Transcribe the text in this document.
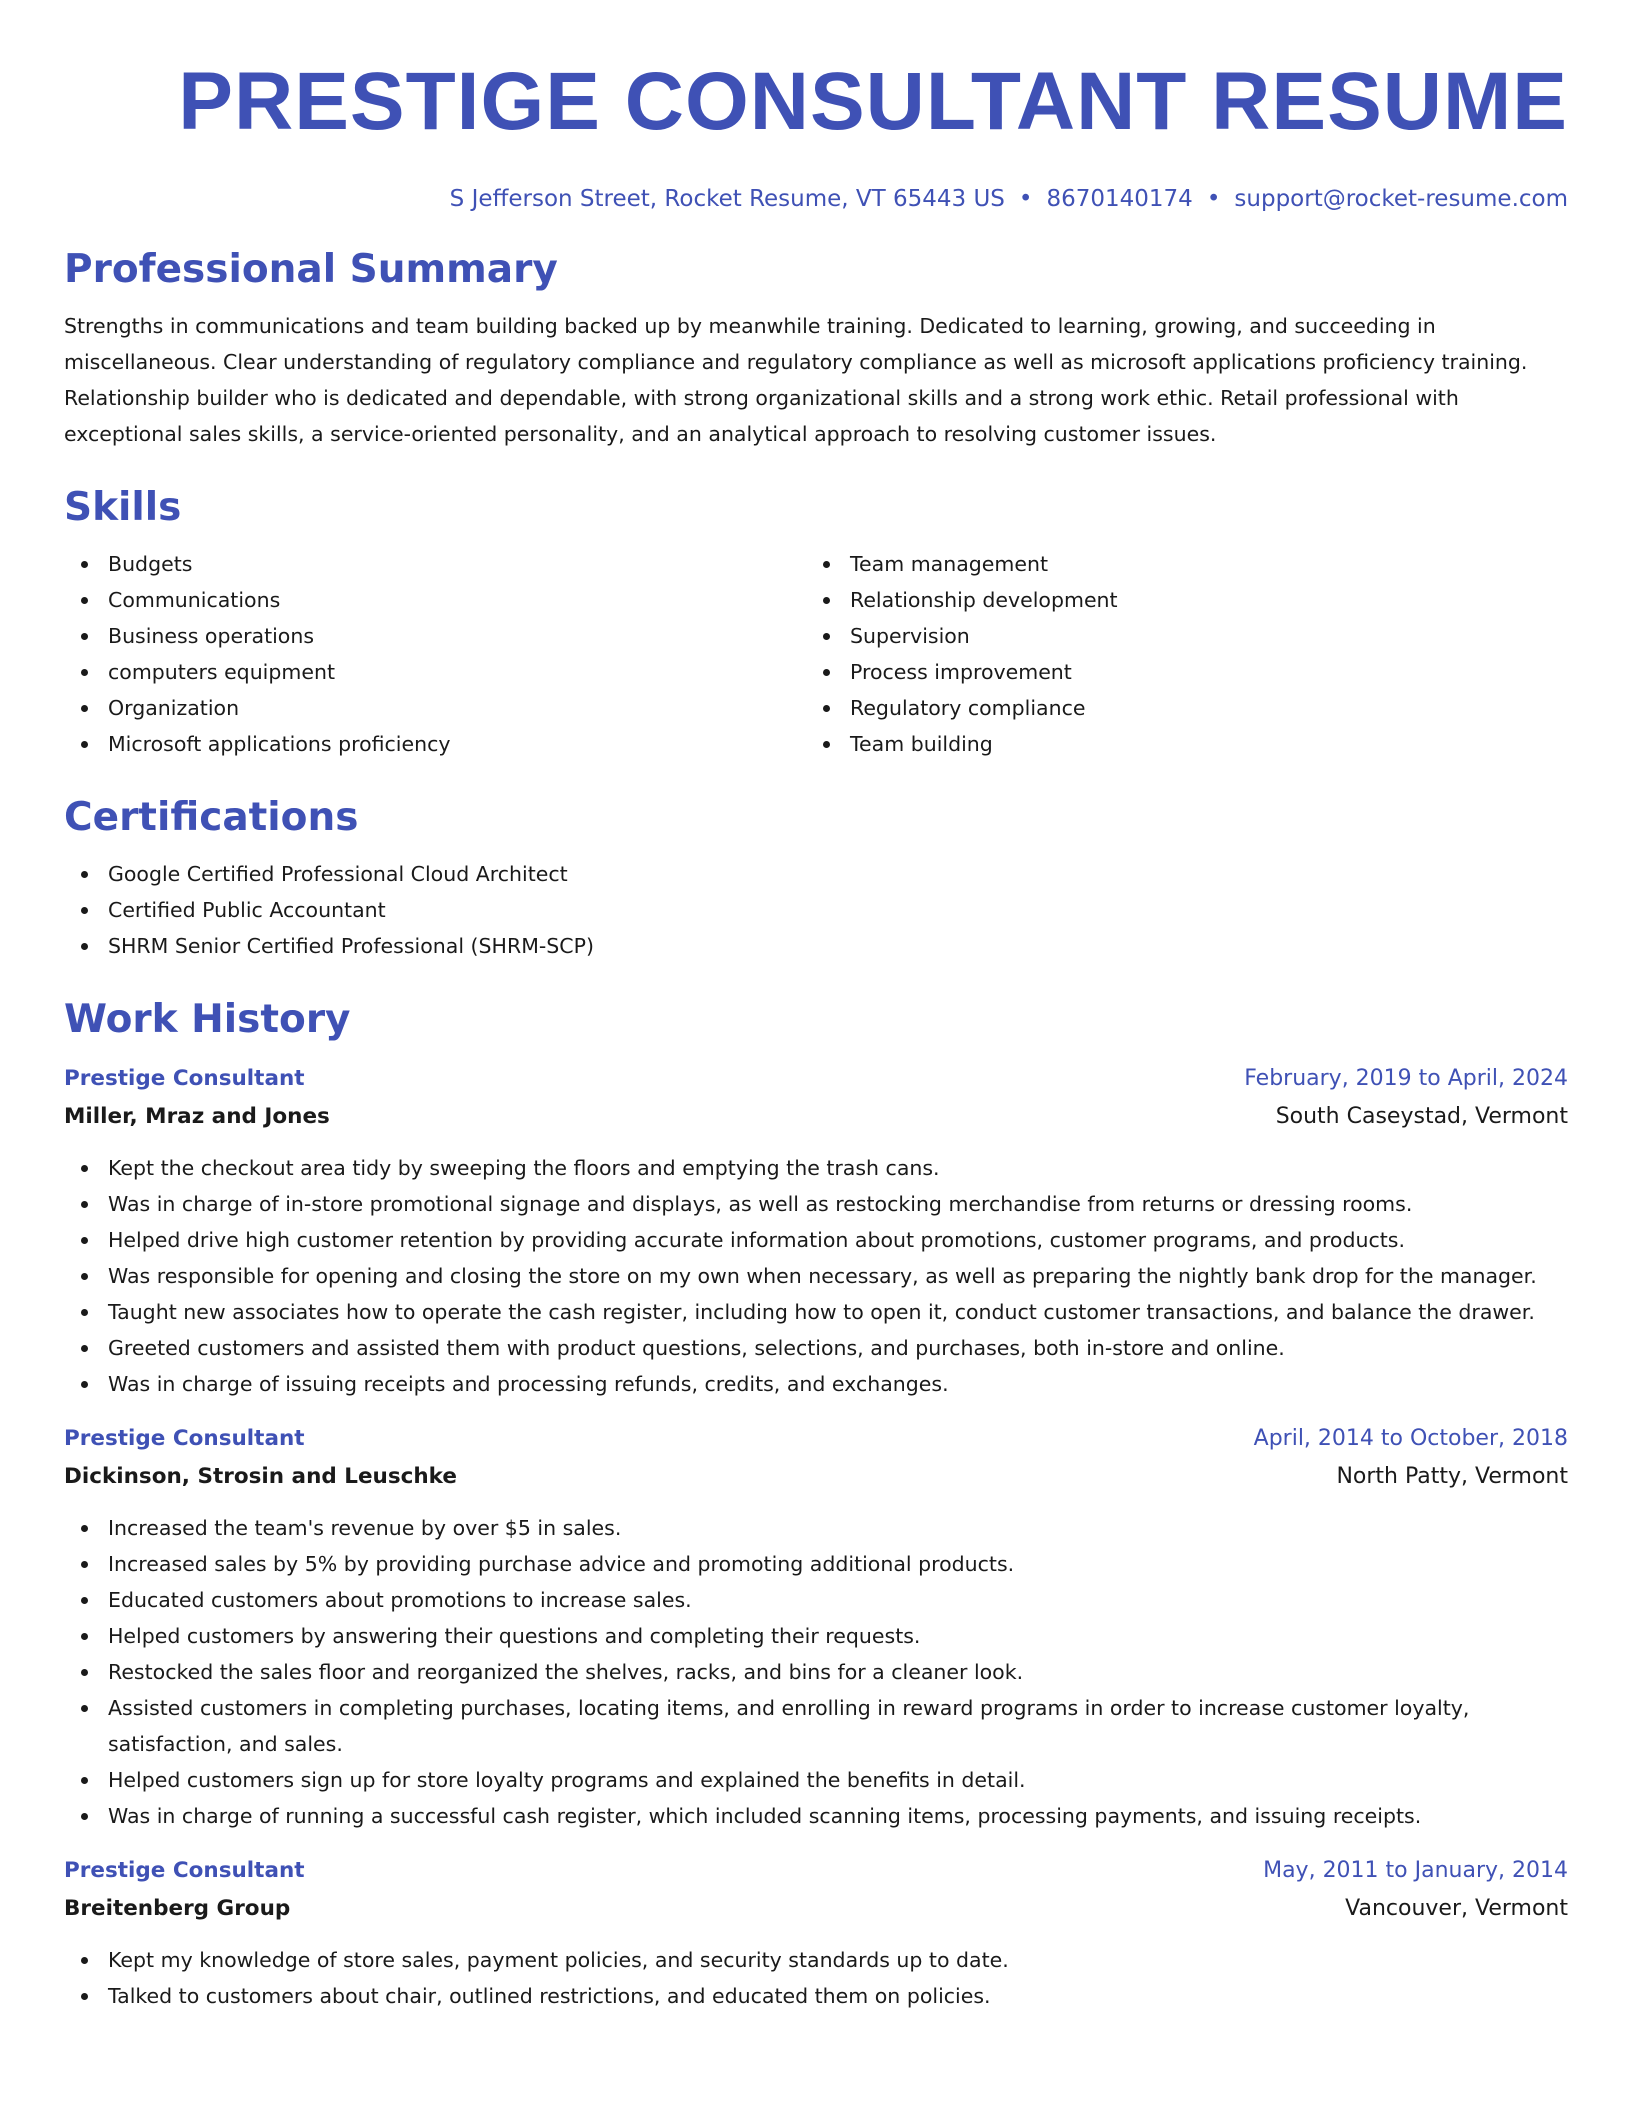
PRESTIGE CONSULTANT RESUME
S Jefferson Street, Rocket Resume, VT 65443 US • 8670140174 • support@rocket-resume.com
Professional Summary

Strengths in communications and team building backed up by meanwhile training. Dedicated to learning, growing, and succeeding in miscellaneous. Clear understanding of regulatory compliance and regulatory compliance as well as microsoft applications proficiency training. Relationship builder who is dedicated and dependable, with strong organizational skills and a strong work ethic. Retail professional with exceptional sales skills, a service-oriented personality, and an analytical approach to resolving customer issues.

Skills
Budgets
Communications
Business operations
computers equipment
Organization
Microsoft applications proficiency
Team management
Relationship development
Supervision
Process improvement
Regulatory compliance
Team building
Certifications
Google Certified Professional Cloud Architect
Certified Public Accountant
SHRM Senior Certified Professional (SHRM-SCP)
Work History
Prestige Consultant	February, 2019 to April, 2024
Miller, Mraz and Jones	South Caseystad, Vermont
Kept the checkout area tidy by sweeping the floors and emptying the trash cans.
Was in charge of in-store promotional signage and displays, as well as restocking merchandise from returns or dressing rooms.
Helped drive high customer retention by providing accurate information about promotions, customer programs, and products.
Was responsible for opening and closing the store on my own when necessary, as well as preparing the nightly bank drop for the manager.
Taught new associates how to operate the cash register, including how to open it, conduct customer transactions, and balance the drawer.
Greeted customers and assisted them with product questions, selections, and purchases, both in-store and online.
Was in charge of issuing receipts and processing refunds, credits, and exchanges.
Prestige Consultant	April, 2014 to October, 2018
Dickinson, Strosin and Leuschke	North Patty, Vermont
Increased the team's revenue by over $5 in sales.
Increased sales by 5% by providing purchase advice and promoting additional products.
Educated customers about promotions to increase sales.
Helped customers by answering their questions and completing their requests.
Restocked the sales floor and reorganized the shelves, racks, and bins for a cleaner look.
Assisted customers in completing purchases, locating items, and enrolling in reward programs in order to increase customer loyalty, satisfaction, and sales.
Helped customers sign up for store loyalty programs and explained the benefits in detail.
Was in charge of running a successful cash register, which included scanning items, processing payments, and issuing receipts.
Prestige Consultant	May, 2011 to January, 2014
Breitenberg Group	Vancouver, Vermont
Kept my knowledge of store sales, payment policies, and security standards up to date.
Talked to customers about chair, outlined restrictions, and educated them on policies.
